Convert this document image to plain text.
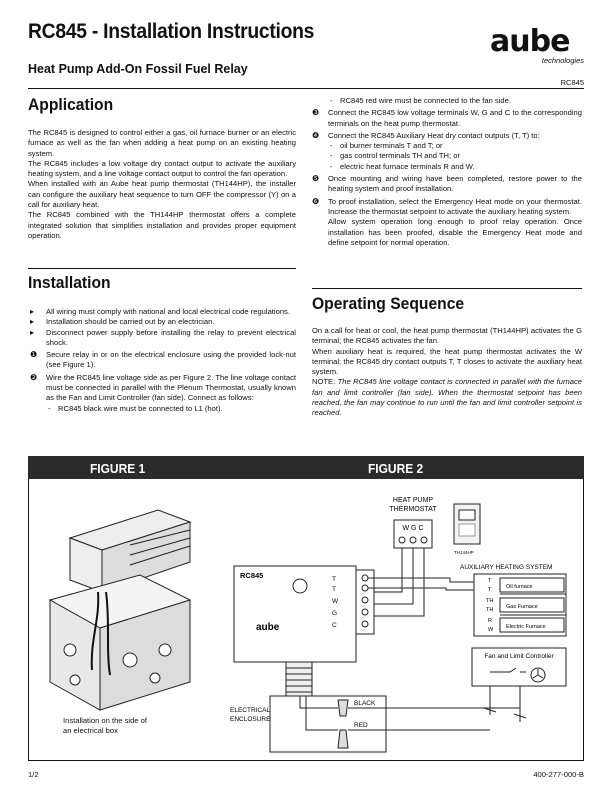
RC845 - Installation Instructions
Heat Pump Add-On Fossil Fuel Relay
aube
technologies
RC845
Application

The RC845 is designed to control either a gas, oil furnace burner or an electric furnace as well as the fan when adding a heat pump on an existing heating system.

The RC845 includes a low voltage dry contact output to activate the auxiliary heating system, and a line voltage contact output to control the fan operation.

When installed with an Aube heat pump thermostat (TH144HP), the installer can configure the auxiliary heat sequence to turn OFF the compressor (Y) on a call for auxiliary heat.

The RC845 combined with the TH144HP thermostat offers a complete integrated solution that simplifies installation and provides proper equipment operation.

Installation
▸ All wiring must comply with national and local electrical code regulations.
▸ Installation should be carried out by an electrician.
▸ Disconnect power supply before installing the relay to prevent electrical shock.
❶ Secure relay in or on the electrical enclosure using the provided lock-nut (see Figure 1).
❷ Wire the RC845 line voltage side as per Figure 2. The line voltage contact must be connected in parallel with the Plenum Thermostat, usually known as the Fan and Limit Controller (fan side). Connect as follows:
- RC845 black wire must be connected to L1 (hot).
- RC845 red wire must be connected to the fan side.
❸ Connect the RC845 low voltage terminals W, G and C to the corresponding terminals on the heat pump thermostat.
❹ Connect the RC845 Auxiliary Heat dry contact outputs (T, T) to:
- oil burner terminals T and T; or
- gas control terminals TH and TH; or
- electric heat furnace terminals R and W.
❺ Once mounting and wiring have been completed, restore power to the heating system and proof installation.
❻ To proof installation, select the Emergency Heat mode on your thermostat. Increase the thermostat setpoint to activate the auxiliary heating system.
Allow system operation long enough to proof relay operation. Once installation has been proofed, disable the Emergency Heat mode and define setpoint for normal operation.
Operating Sequence

On a call for heat or cool, the heat pump thermostat (TH144HP) activates the G terminal; the RC845 activates the fan.

When auxiliary heat is required, the heat pump thermostat activates the W terminal; the RC845 dry contact outputs T, T closes to activate the auxiliary heat system.

NOTE: The RC845 line voltage contact is connected in parallel with the furnace fan and limit controller (fan side). When the thermostat setpoint has been reached, the fan may continue to run until the fan and limit controller setpoint is reached.

FIGURE 1	FIGURE 2
Installation on the side of
an electrical box
HEAT PUMP
THERMOSTAT
W G C
TH144HP
RC845
aube
T
T
W
G
C
AUXILIARY HEATING SYSTEM
T
T
TH
TH
R
W
Oil furnace
Gas Furnace
Electric Furnace
Fan and Limit Controller
ELECTRICAL
ENCLOSURE
BLACK
RED
1/2	400-277-000-B
